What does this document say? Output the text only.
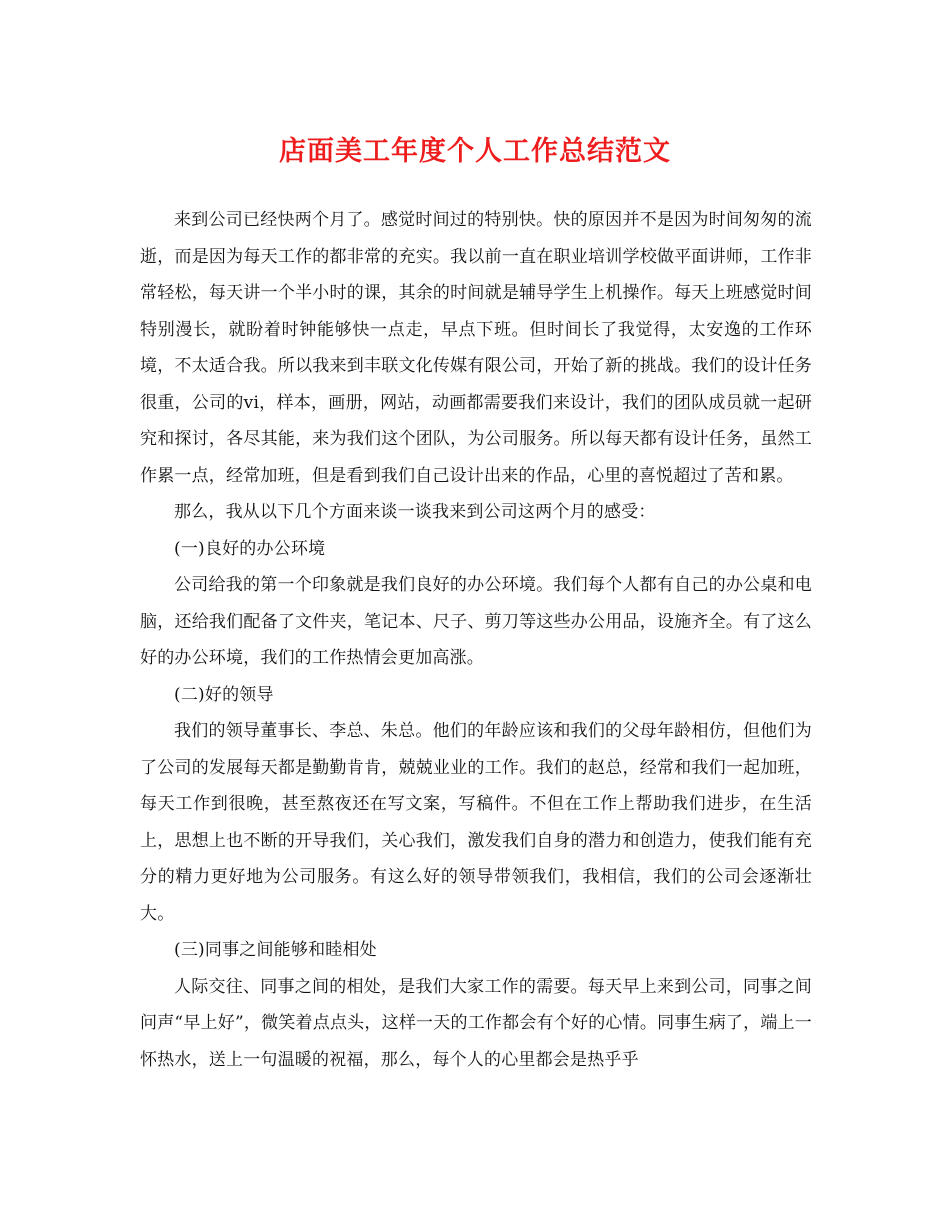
店面美工年度个人工作总结范文

来到公司已经快两个月了。感觉时间过的特别快。快的原因并不是因为时间匆匆的流逝，而是因为每天工作的都非常的充实。我以前一直在职业培训学校做平面讲师，工作非常轻松，每天讲一个半小时的课，其余的时间就是辅导学生上机操作。每天上班感觉时间特别漫长，就盼着时钟能够快一点走，早点下班。但时间长了我觉得，太安逸的工作环境，不太适合我。所以我来到丰联文化传媒有限公司，开始了新的挑战。我们的设计任务很重，公司的vi，样本，画册，网站，动画都需要我们来设计，我们的团队成员就一起研究和探讨，各尽其能，来为我们这个团队，为公司服务。所以每天都有设计任务，虽然工作累一点，经常加班，但是看到我们自己设计出来的作品，心里的喜悦超过了苦和累。

那么，我从以下几个方面来谈一谈我来到公司这两个月的感受：

(一)良好的办公环境

公司给我的第一个印象就是我们良好的办公环境。我们每个人都有自己的办公桌和电脑，还给我们配备了文件夹，笔记本、尺子、剪刀等这些办公用品，设施齐全。有了这么好的办公环境，我们的工作热情会更加高涨。

(二)好的领导

我们的领导董事长、李总、朱总。他们的年龄应该和我们的父母年龄相仿，但他们为了公司的发展每天都是勤勤肯肯，兢兢业业的工作。我们的赵总，经常和我们一起加班，每天工作到很晚，甚至熬夜还在写文案，写稿件。不但在工作上帮助我们进步，在生活上，思想上也不断的开导我们，关心我们，激发我们自身的潜力和创造力，使我们能有充分的精力更好地为公司服务。有这么好的领导带领我们，我相信，我们的公司会逐渐壮大。

(三)同事之间能够和睦相处

人际交往、同事之间的相处，是我们大家工作的需要。每天早上来到公司，同事之间问声“早上好”，微笑着点点头，这样一天的工作都会有个好的心情。同事生病了，端上一怀热水，送上一句温暖的祝福，那么，每个人的心里都会是热乎乎
